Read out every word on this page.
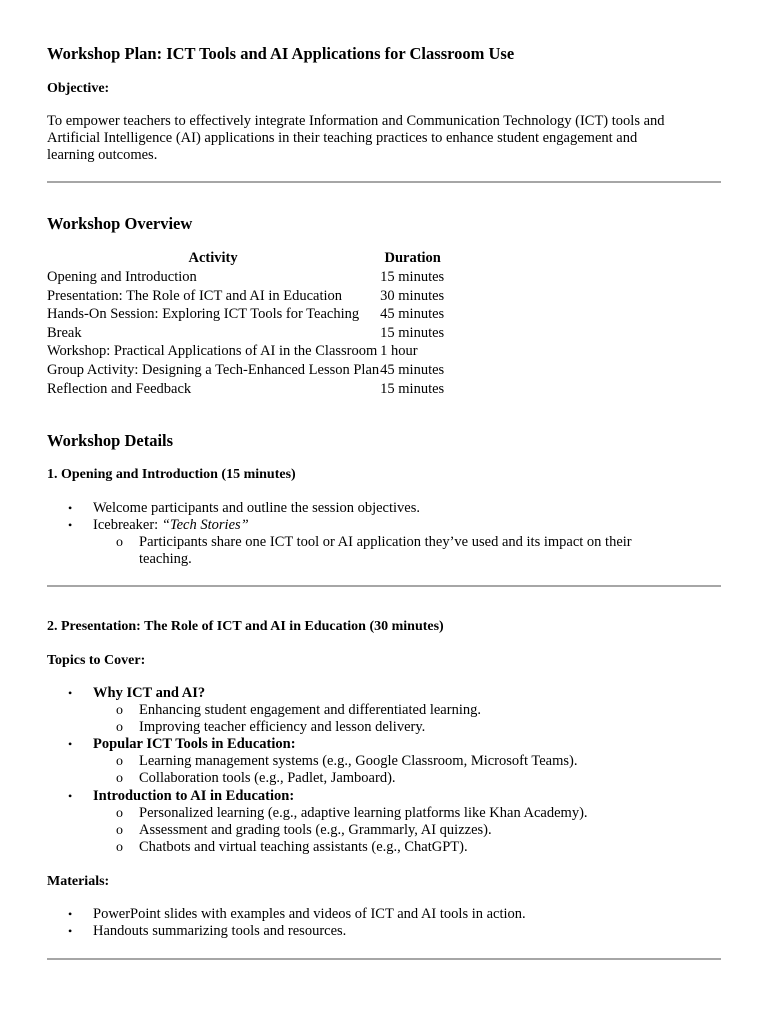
Workshop Plan: ICT Tools and AI Applications for Classroom Use
Objective:

To empower teachers to effectively integrate Information and Communication Technology (ICT) tools and
Artificial Intelligence (AI) applications in their teaching practices to enhance student engagement and
learning outcomes.

Workshop Overview
Activity	Duration
Opening and Introduction	15 minutes
Presentation: The Role of ICT and AI in Education	30 minutes
Hands-On Session: Exploring ICT Tools for Teaching	45 minutes
Break	15 minutes
Workshop: Practical Applications of AI in the Classroom	1 hour
Group Activity: Designing a Tech-Enhanced Lesson Plan	45 minutes
Reflection and Feedback	15 minutes
Workshop Details
1. Opening and Introduction (15 minutes)
• Welcome participants and outline the session objectives.
• Icebreaker: “Tech Stories”
o Participants share one ICT tool or AI application they’ve used and its impact on their
teaching.
2. Presentation: The Role of ICT and AI in Education (30 minutes)
Topics to Cover:
• Why ICT and AI?
o Enhancing student engagement and differentiated learning.
o Improving teacher efficiency and lesson delivery.
• Popular ICT Tools in Education:
o Learning management systems (e.g., Google Classroom, Microsoft Teams).
o Collaboration tools (e.g., Padlet, Jamboard).
• Introduction to AI in Education:
o Personalized learning (e.g., adaptive learning platforms like Khan Academy).
o Assessment and grading tools (e.g., Grammarly, AI quizzes).
o Chatbots and virtual teaching assistants (e.g., ChatGPT).
Materials:
• PowerPoint slides with examples and videos of ICT and AI tools in action.
• Handouts summarizing tools and resources.
